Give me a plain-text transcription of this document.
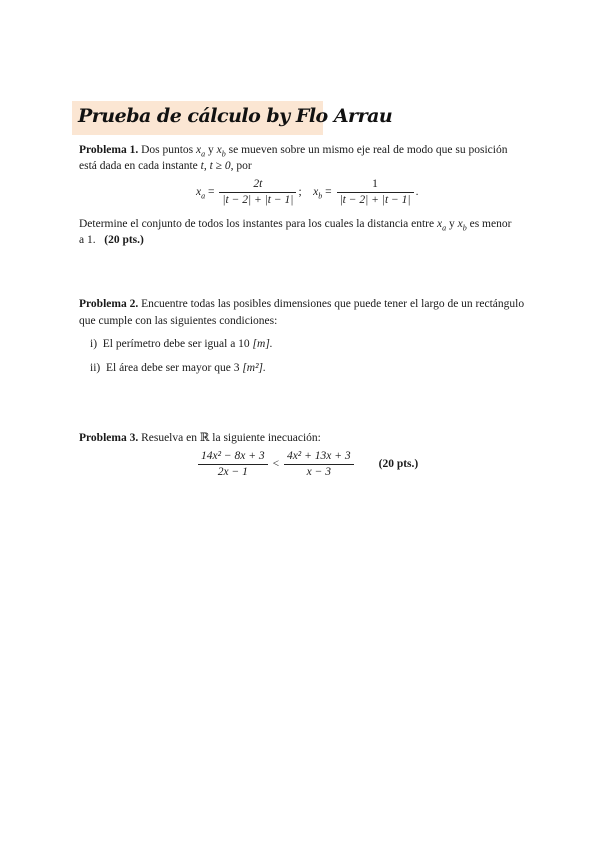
Prueba de cálculo by Flo Arrau
Problema 1. Dos puntos $x_a$ y $x_b$ se mueven sobre un mismo eje real de modo que su posición
está dada en cada instante t, t ≥ 0, por
$x_a = \frac{2t}{|t - 2| + |t - 1|}$ ;    $x_b = \frac{1}{|t - 2| + |t - 1|}$ .
Determine el conjunto de todos los instantes para los cuales la distancia entre $x_a$ y $x_b$ es menor
a 1. (20 pts.)
Problema 2. Encuentre todas las posibles dimensiones que puede tener el largo de un rectángulo
que cumple con las siguientes condiciones:
i) El perímetro debe ser igual a 10 [m].
ii) El área debe ser mayor que 3 [m²].
Problema 3. Resuelva en ℝ la siguiente inecuación:
$\frac{\text{14x² − 8x + 3}}{2x - 1} < \frac{\text{4x² + 13x + 3}}{x - 3} (20$ pts.)
